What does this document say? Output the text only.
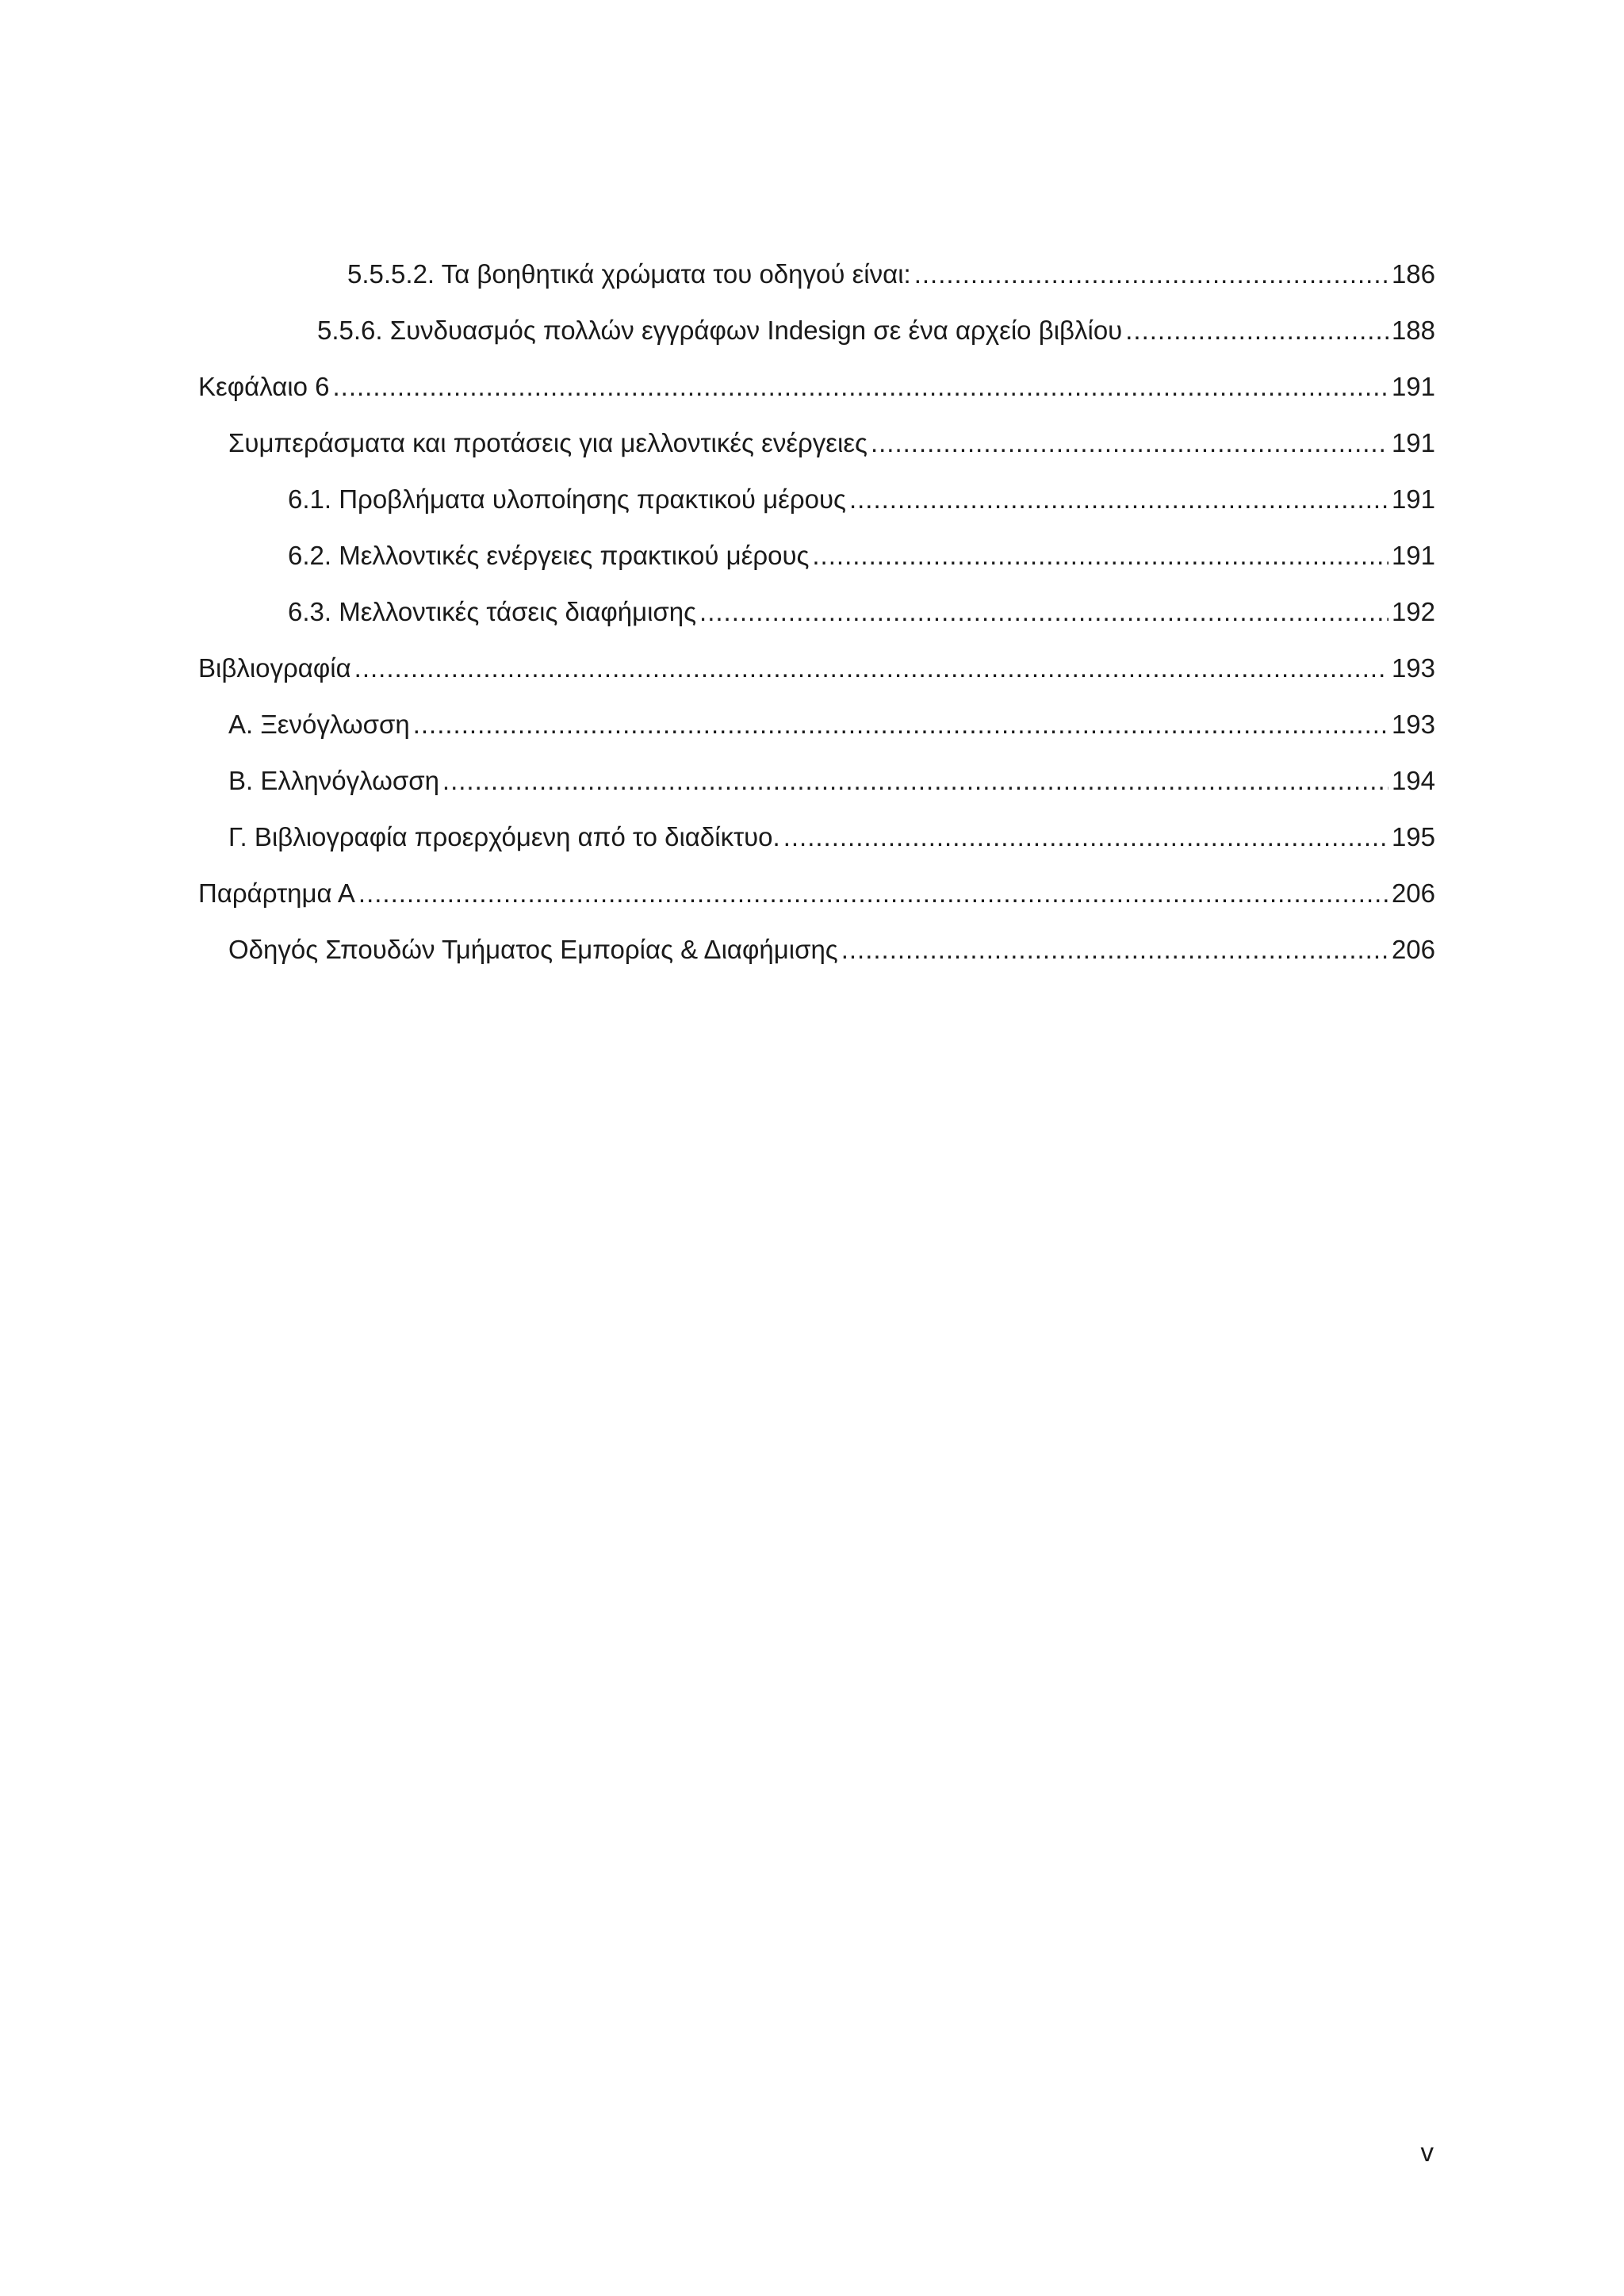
5.5.5.2. Τα βοηθητικά χρώματα του οδηγού είναι: .....	186
5.5.6. Συνδυασμός πολλών εγγράφων Indesign σε ένα αρχείο βιβλίου .....	188
Κεφάλαιο 6 .....	191
Συμπεράσματα και προτάσεις για μελλοντικές ενέργειες .....	191
6.1. Προβλήματα υλοποίησης πρακτικού μέρους .....	191
6.2. Μελλοντικές ενέργειες πρακτικού μέρους .....	191
6.3. Μελλοντικές τάσεις διαφήμισης .....	192
Βιβλιογραφία .....	193
Α. Ξενόγλωσση .....	193
Β. Ελληνόγλωσση .....	194
Γ. Βιβλιογραφία προερχόμενη από το διαδίκτυο. .....	195
Παράρτημα Α .....	206
Οδηγός Σπουδών Τμήματος Εμπορίας & Διαφήμισης .....	206
v
